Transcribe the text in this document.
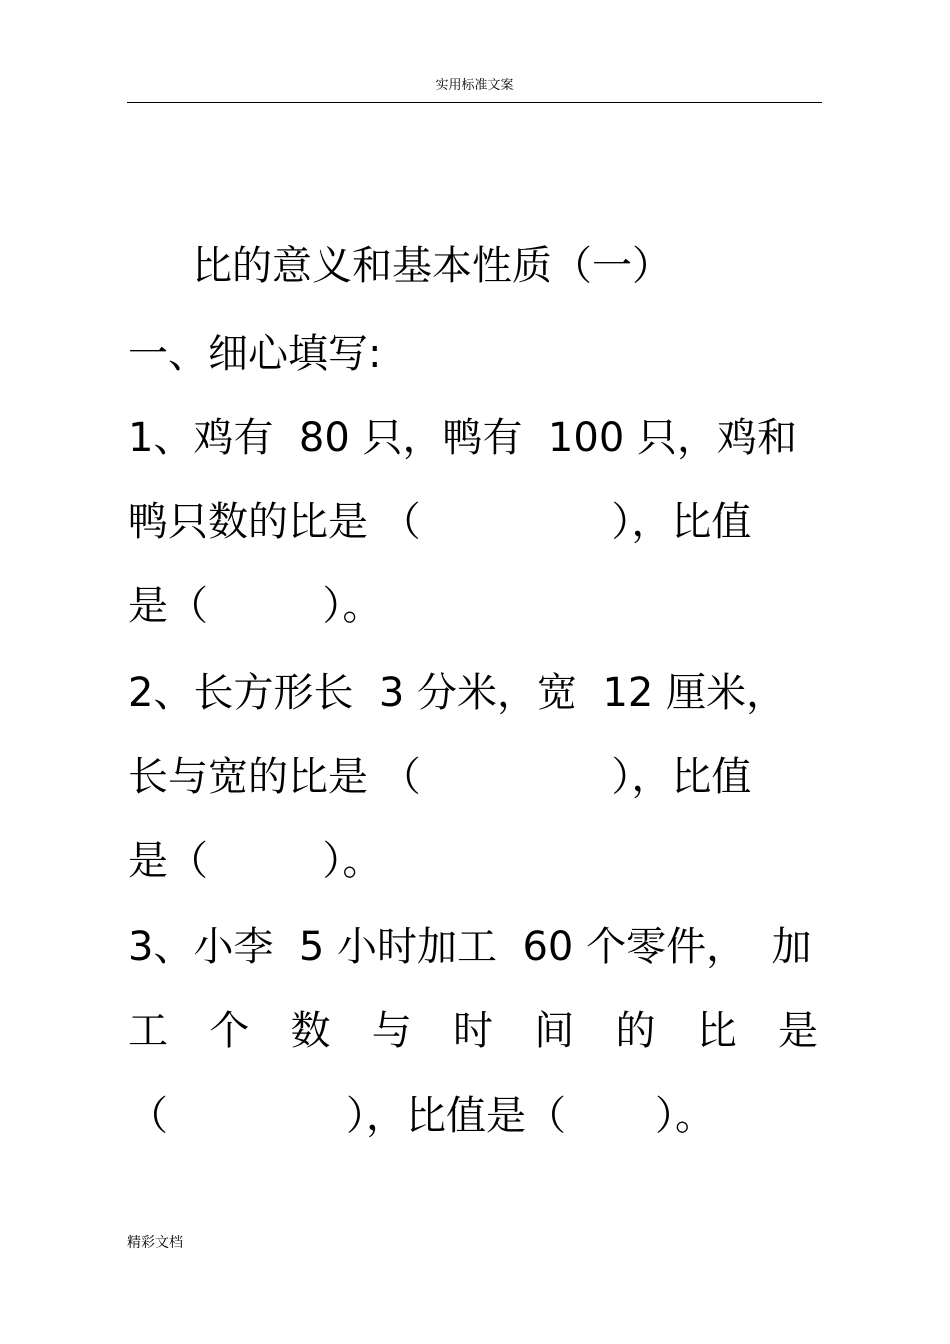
实用标准文案
比的意义和基本性质（一）
一、细心填写:
1、鸡有  80 只，鸭有  100 只，鸡和
鸭只数的比是 （               ），比值
是（         ）。
2、长方形长  3 分米，宽  12 厘米，
长与宽的比是 （               ），比值
是（         ）。
3、小李  5 小时加工  60 个零件，  加
工 个 数 与 时 间 的 比 是
（              ），比值是（       ）。
精彩文档
